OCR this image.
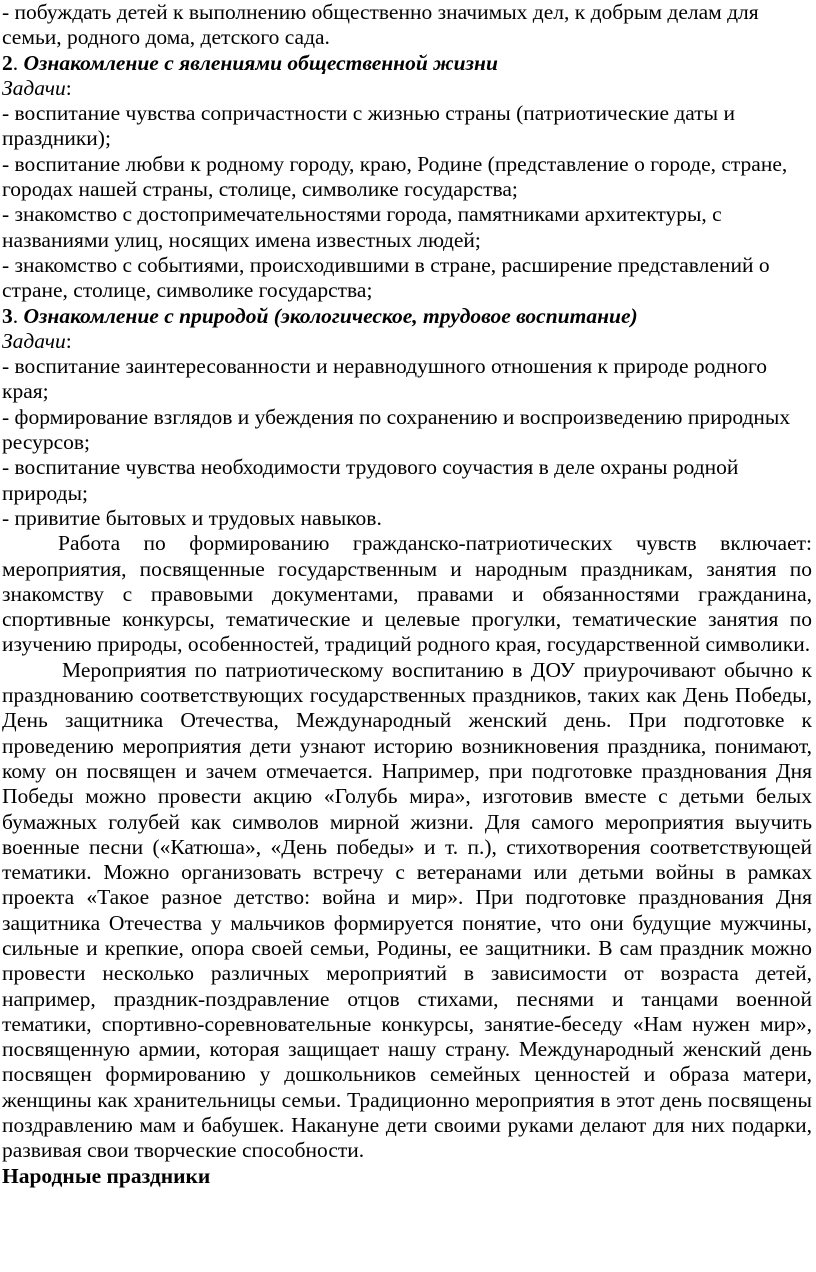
- побуждать детей к выполнению общественно значимых дел, к добрым делам для семьи, родного дома, детского сада.

2. Ознакомление с явлениями общественной жизни

Задачи:

- воспитание чувства сопричастности с жизнью страны (патриотические даты и праздники);

- воспитание любви к родному городу, краю, Родине (представление о городе, стране, городах нашей страны, столице, символике государства;

- знакомство с достопримечательностями города, памятниками архитектуры, с названиями улиц, носящих имена известных людей;

- знакомство с событиями, происходившими в стране, расширение представлений о стране, столице, символике государства;

3. Ознакомление с природой (экологическое, трудовое воспитание)

Задачи:

- воспитание заинтересованности и неравнодушного отношения к природе родного края;

- формирование взглядов и убеждения по сохранению и воспроизведению природных ресурсов;

- воспитание чувства необходимости трудового соучастия в деле охраны родной природы;

- привитие бытовых и трудовых навыков.

Работа по формированию гражданско-патриотических чувств включает: мероприятия, посвященные государственным и народным праздникам, занятия по знакомству с правовыми документами, правами и обязанностями гражданина, спортивные конкурсы, тематические и целевые прогулки, тематические занятия по изучению природы, особенностей, традиций родного края, государственной символики.

Мероприятия по патриотическому воспитанию в ДОУ приурочивают обычно к празднованию соответствующих государственных праздников, таких как День Победы, День защитника Отечества, Международный женский день. При подготовке к проведению мероприятия дети узнают историю возникновения праздника, понимают, кому он посвящен и зачем отмечается. Например, при подготовке празднования Дня Победы можно провести акцию «Голубь мира», изготовив вместе с детьми белых бумажных голубей как символов мирной жизни. Для самого мероприятия выучить военные песни («Катюша», «День победы» и т. п.), стихотворения соответствующей тематики. Можно организовать встречу с ветеранами или детьми войны в рамках проекта «Такое разное детство: война и мир». При подготовке празднования Дня защитника Отечества у мальчиков формируется понятие, что они будущие мужчины, сильные и крепкие, опора своей семьи, Родины, ее защитники. В сам праздник можно провести несколько различных мероприятий в зависимости от возраста детей, например, праздник-поздравление отцов стихами, песнями и танцами военной тематики, спортивно-соревновательные конкурсы, занятие-беседу «Нам нужен мир», посвященную армии, которая защищает нашу страну. Международный женский день посвящен формированию у дошкольников семейных ценностей и образа матери, женщины как хранительницы семьи. Традиционно мероприятия в этот день посвящены поздравлению мам и бабушек. Накануне дети своими руками делают для них подарки, развивая свои творческие способности.

Народные праздники
